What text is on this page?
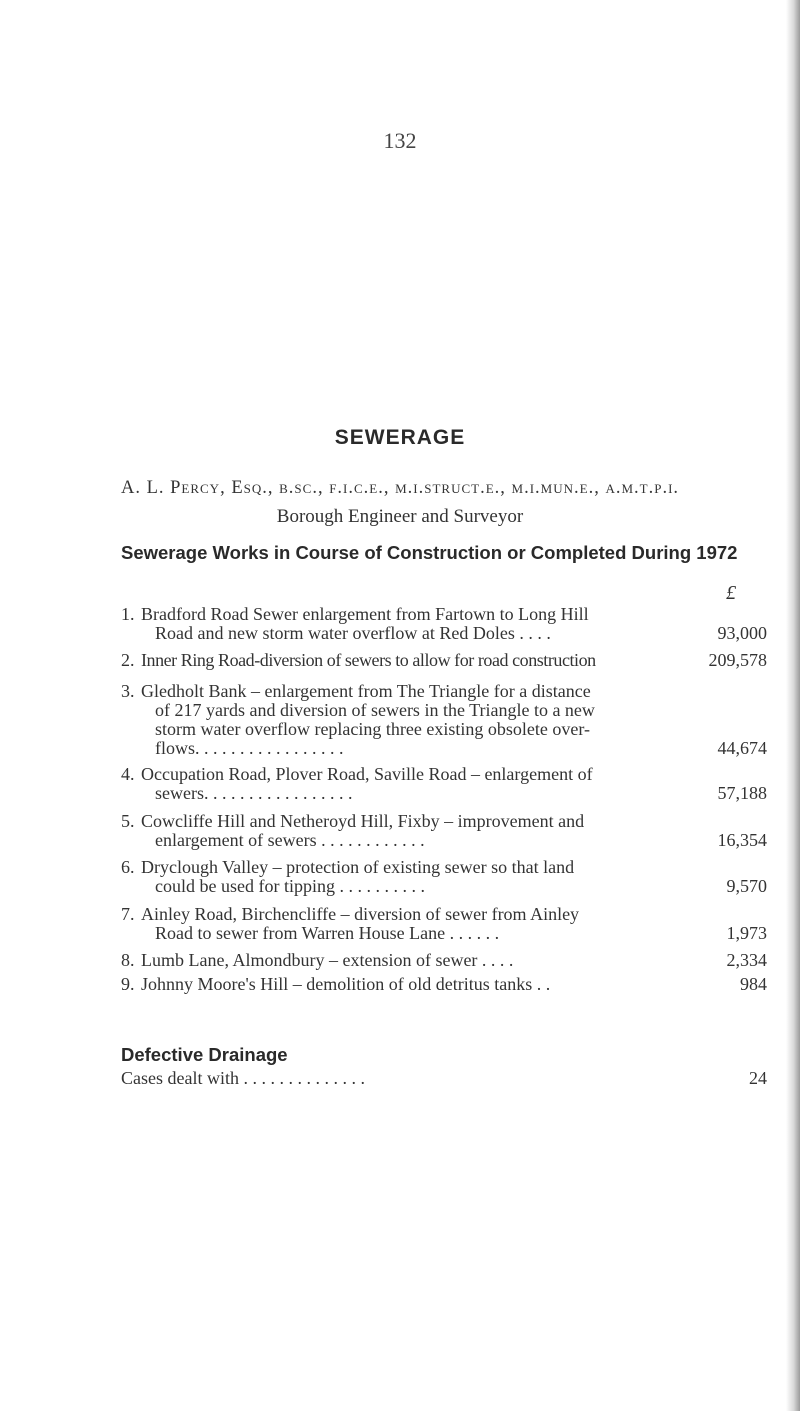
132
SEWERAGE
A. L. Percy, Esq., b.sc., f.i.c.e., m.i.struct.e., m.i.mun.e., a.m.t.p.i.
Borough Engineer and Surveyor
Sewerage Works in Course of Construction or Completed During 1972
£
1. Bradford Road Sewer enlargement from Fartown to Long Hill
Road and new storm water overflow at Red Doles . . . .	93,000
2. Inner Ring Road-diversion of sewers to allow for road construction	209,578
3. Gledholt Bank – enlargement from The Triangle for a distance
of 217 yards and diversion of sewers in the Triangle to a new
storm water overflow replacing three existing obsolete over-
flows. . . . . . . . . . . . . . . . .	44,674
4. Occupation Road, Plover Road, Saville Road – enlargement of
sewers. . . . . . . . . . . . . . . . .	57,188
5. Cowcliffe Hill and Netheroyd Hill, Fixby – improvement and
enlargement of sewers . . . . . . . . . . . .	16,354
6. Dryclough Valley – protection of existing sewer so that land
could be used for tipping . . . . . . . . . .	9,570
7. Ainley Road, Birchencliffe – diversion of sewer from Ainley
Road to sewer from Warren House Lane . . . . . .	1,973
8. Lumb Lane, Almondbury – extension of sewer . . . .	2,334
9. Johnny Moore's Hill – demolition of old detritus tanks . .	984
Defective Drainage
Cases dealt with . . . . . . . . . . . . . .	24
